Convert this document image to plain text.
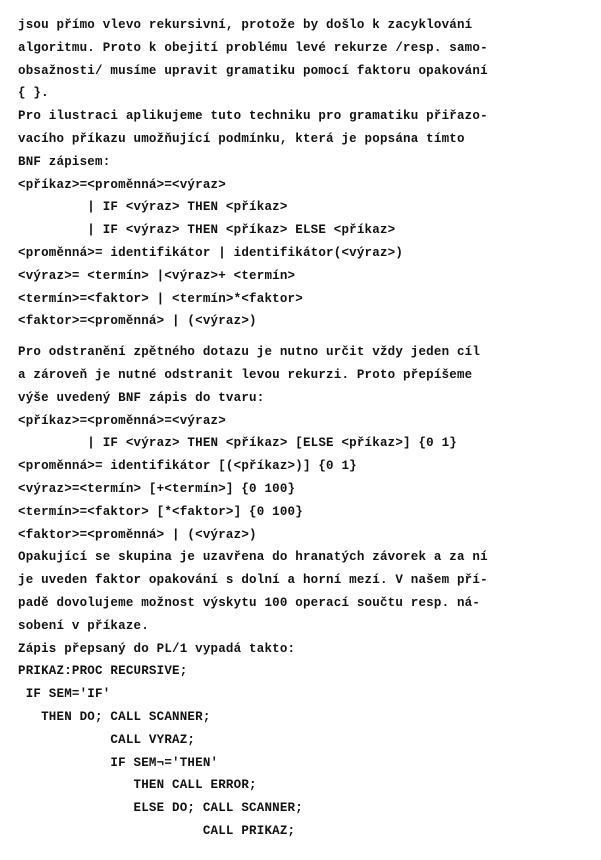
jsou přímo vlevo rekursivní, protože by došlo k zacyklování
algoritmu. Proto k obejití problému levé rekurze /resp. samo-
obsažnosti/ musíme upravit gramatiku pomocí faktoru opakování
{ }.
Pro ilustraci aplikujeme tuto techniku pro gramatiku přiřazo-
vacího příkazu umožňující podmínku, která je popsána tímto
BNF zápisem:
<příkaz>=<proměnná>=<výraz>
| IF <výraz> THEN <příkaz>
| IF <výraz> THEN <příkaz> ELSE <příkaz>
<proměnná>= identifikátor | identifikátor(<výraz>)
<výraz>= <termín> |<výraz>+ <termín>
<termín>=<faktor> | <termín>*<faktor>
<faktor>=<proměnná> | (<výraz>)
Pro odstranění zpětného dotazu je nutno určit vždy jeden cíl
a zároveň je nutné odstranit levou rekurzi. Proto přepíšeme
výše uvedený BNF zápis do tvaru:
<příkaz>=<proměnná>=<výraz>
| IF <výraz> THEN <příkaz> [ELSE <příkaz>] {0 1}
<proměnná>= identifikátor [(<příkaz>)] {0 1}
<výraz>=<termín> [+<termín>] {0 100}
<termín>=<faktor> [*<faktor>] {0 100}
<faktor>=<proměnná> | (<výraz>)
Opakující se skupina je uzavřena do hranatých závorek a za ní
je uveden faktor opakování s dolní a horní mezí. V našem pří-
padě dovolujeme možnost výskytu 100 operací součtu resp. ná-
sobení v příkaze.
Zápis přepsaný do PL/1 vypadá takto:
PRIKAZ:PROC RECURSIVE;
IF SEM='IF'
THEN DO; CALL SCANNER;
CALL VYRAZ;
IF SEM¬='THEN'
THEN CALL ERROR;
ELSE DO; CALL SCANNER;
CALL PRIKAZ;
